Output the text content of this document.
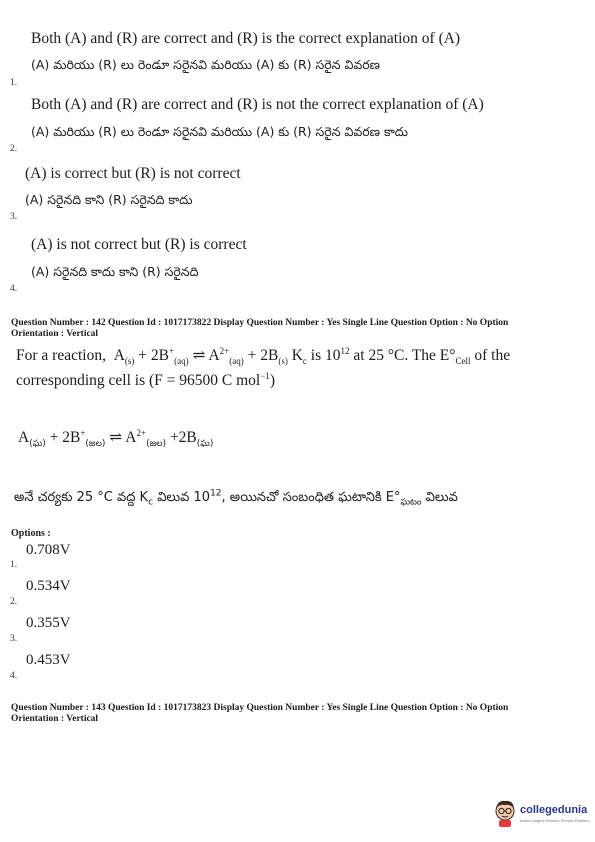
Both (A) and (R) are correct and (R) is the correct explanation of (A)
(A) మరియు (R) లు రెండూ సరైనవి మరియు (A) కు (R) సరైన వివరణ
1.
Both (A) and (R) are correct and (R) is not the correct explanation of (A)
(A) మరియు (R) లు రెండూ సరైనవి మరియు (A) కు (R) సరైన వివరణ కాదు
2.
(A) is correct but (R) is not correct
(A) సరైనది కాని (R) సరైనది కాదు
3.
(A) is not correct but (R) is correct
(A) సరైనది కాదు కాని (R) సరైనది
4.
Question Number : 142 Question Id : 1017173822 Display Question Number : Yes Single Line Question Option : No Option
Orientation : Vertical
For a reaction, $A_{(s)} + 2B^+_{(aq)}$ ⇌ $A^{2+}_{(aq)} + 2B_{(s)}$ $K_c$ is $10^{12}$ at 25 °C. The $E^\circ_{Cell}$ of the
corresponding cell is (F = 96500 C mol$^{-1}$)
$A_{(ఘ)} + 2B^+_{(జల)}$ ⇌ $A^{2+}_{(జల)} +2B_{(ఘ)}$
అనే చర్యకు 25 °C వద్ద $K_c$ విలువ $10^{12}$, అయినచో సంబంధిత ఘటానికి $E^\circ_{ఘటం}$ విలువ
Options :
0.708V
1.
0.534V
2.
0.355V
3.
0.453V
4.
Question Number : 143 Question Id : 1017173823 Display Question Number : Yes Single Line Question Option : No Option
Orientation : Vertical
collegedunia
India's largest Student Review Platform
